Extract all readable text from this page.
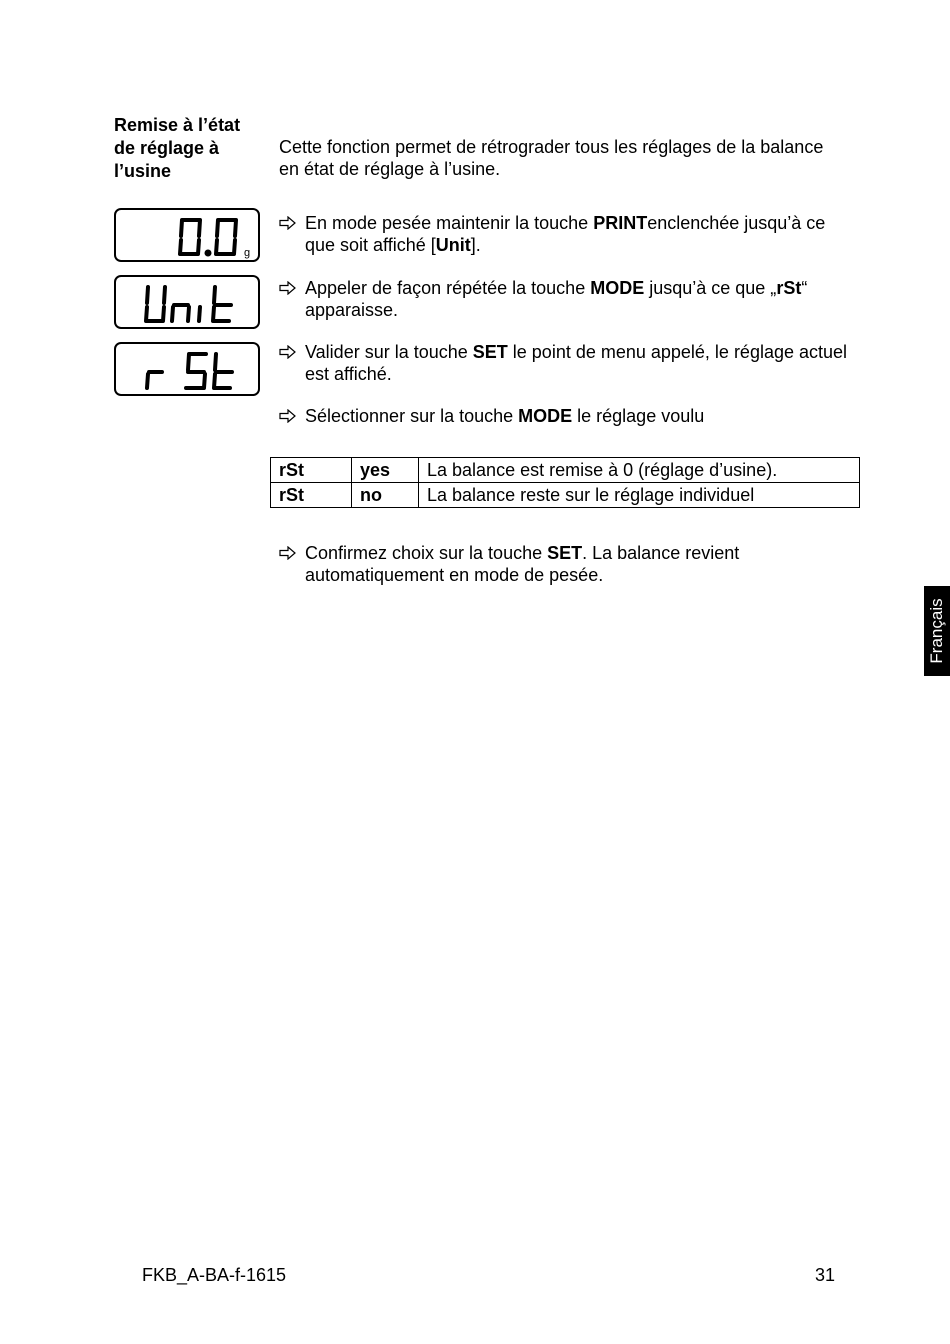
Remise à l’état
de réglage à
l’usine
Cette fonction permet de rétrograder tous les réglages de la balance en état de réglage à l’usine.
g
En mode pesée maintenir la touche PRINTenclenchée jusqu’à ce que soit affiché [Unit].
Appeler de façon répétée la touche MODE jusqu’à ce que „rSt“ apparaisse.
Valider sur la touche SET le point de menu appelé, le réglage actuel est affiché.
Sélectionner sur la touche MODE le réglage voulu
rSt	yes	La balance est remise à 0 (réglage d’usine).
rSt	no	La balance reste sur le réglage individuel
Confirmez choix sur la touche SET. La balance revient automatiquement en mode de pesée.
Français
FKB_A-BA-f-1615	31
